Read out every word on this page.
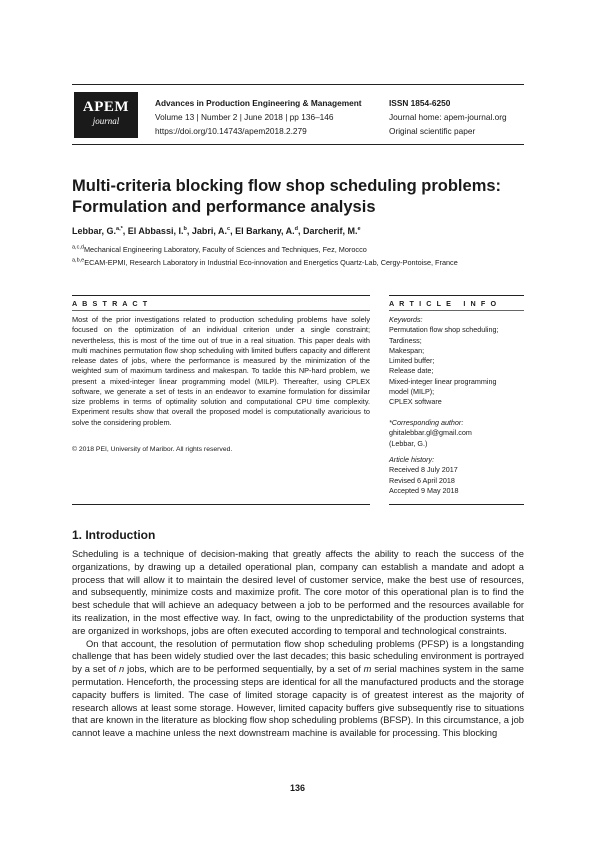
APEM
journal
Advances in Production Engineering & Management
Volume 13 | Number 2 | June 2018 | pp 136–146
https://doi.org/10.14743/apem2018.2.279
ISSN 1854-6250
Journal home: apem-journal.org
Original scientific paper
Multi-criteria blocking flow shop scheduling problems:
Formulation and performance analysis
Lebbar, G.$^{a,*}$, El Abbassi, I.$^b$, Jabri, A.$^c$, El Barkany, A.$^d$, Darcherif, M.$^e$
$^{a,c,d}$Mechanical Engineering Laboratory, Faculty of Sciences and Techniques, Fez, Morocco
$^{a,b,e}$ECAM-EPMI, Research Laboratory in Industrial Eco-innovation and Energetics Quartz-Lab, Cergy-Pontoise, France
A B S T R A C T	A R T I C L E   I N F O
Most of the prior investigations related to production scheduling problems have solely focused on the optimization of an individual criterion under a single constraint; nevertheless, this is most of the time out of true in a real situation. This paper deals with multi machines permutation flow shop scheduling with limited buffers capacity and different release dates of jobs, where the performance is measured by the minimization of the weighted sum of maximum tardiness and makespan. To tackle this NP-hard problem, we present a mixed-integer linear programming model (MILP). Thereafter, using CPLEX software, we generate a set of tests in an endeavor to examine formulation for dissimilar size problems in terms of optimality solution and computational CPU time complexity. Experiment results show that overall the proposed model is computationally avaricious to solve the considering problem.
© 2018 PEI, University of Maribor. All rights reserved.
Keywords:
Permutation flow shop scheduling;
Tardiness;
Makespan;
Limited buffer;
Release date;
Mixed-integer linear programming
model (MILP);
CPLEX software
*Corresponding author:
ghitalebbar.gl@gmail.com
(Lebbar, G.)
Article history:
Received 8 July 2017
Revised 6 April 2018
Accepted 9 May 2018
1. Introduction

Scheduling is a technique of decision-making that greatly affects the ability to reach the success of the organizations, by drawing up a detailed operational plan, company can establish a mandate and adopt a process that will allow it to maintain the desired level of customer service, make the best use of resources, and subsequently, minimize costs and maximize profit. The core motor of this operational plan is to find the best schedule that will achieve an adequacy between a job to be performed and the resources available for its realization, in the most effective way. In fact, owing to the unpredictability of the production systems that are organized in workshops, jobs are often executed according to temporal and technological constraints.

On that account, the resolution of permutation flow shop scheduling problems (PFSP) is a longstanding challenge that has been widely studied over the last decades; this basic scheduling environment is portrayed by a set of n jobs, which are to be performed sequentially, by a set of m serial machines system in the same permutation. Henceforth, the processing steps are identical for all the manufactured products and the storage capacity buffers is limited. The case of limited storage capacity is of greatest interest as the majority of research allows at least some storage. However, limited capacity buffers give subsequently rise to situations that are known in the literature as blocking flow shop scheduling problems (BFSP). In this circumstance, a job cannot leave a machine unless the next downstream machine is available for processing. This blocking

136
